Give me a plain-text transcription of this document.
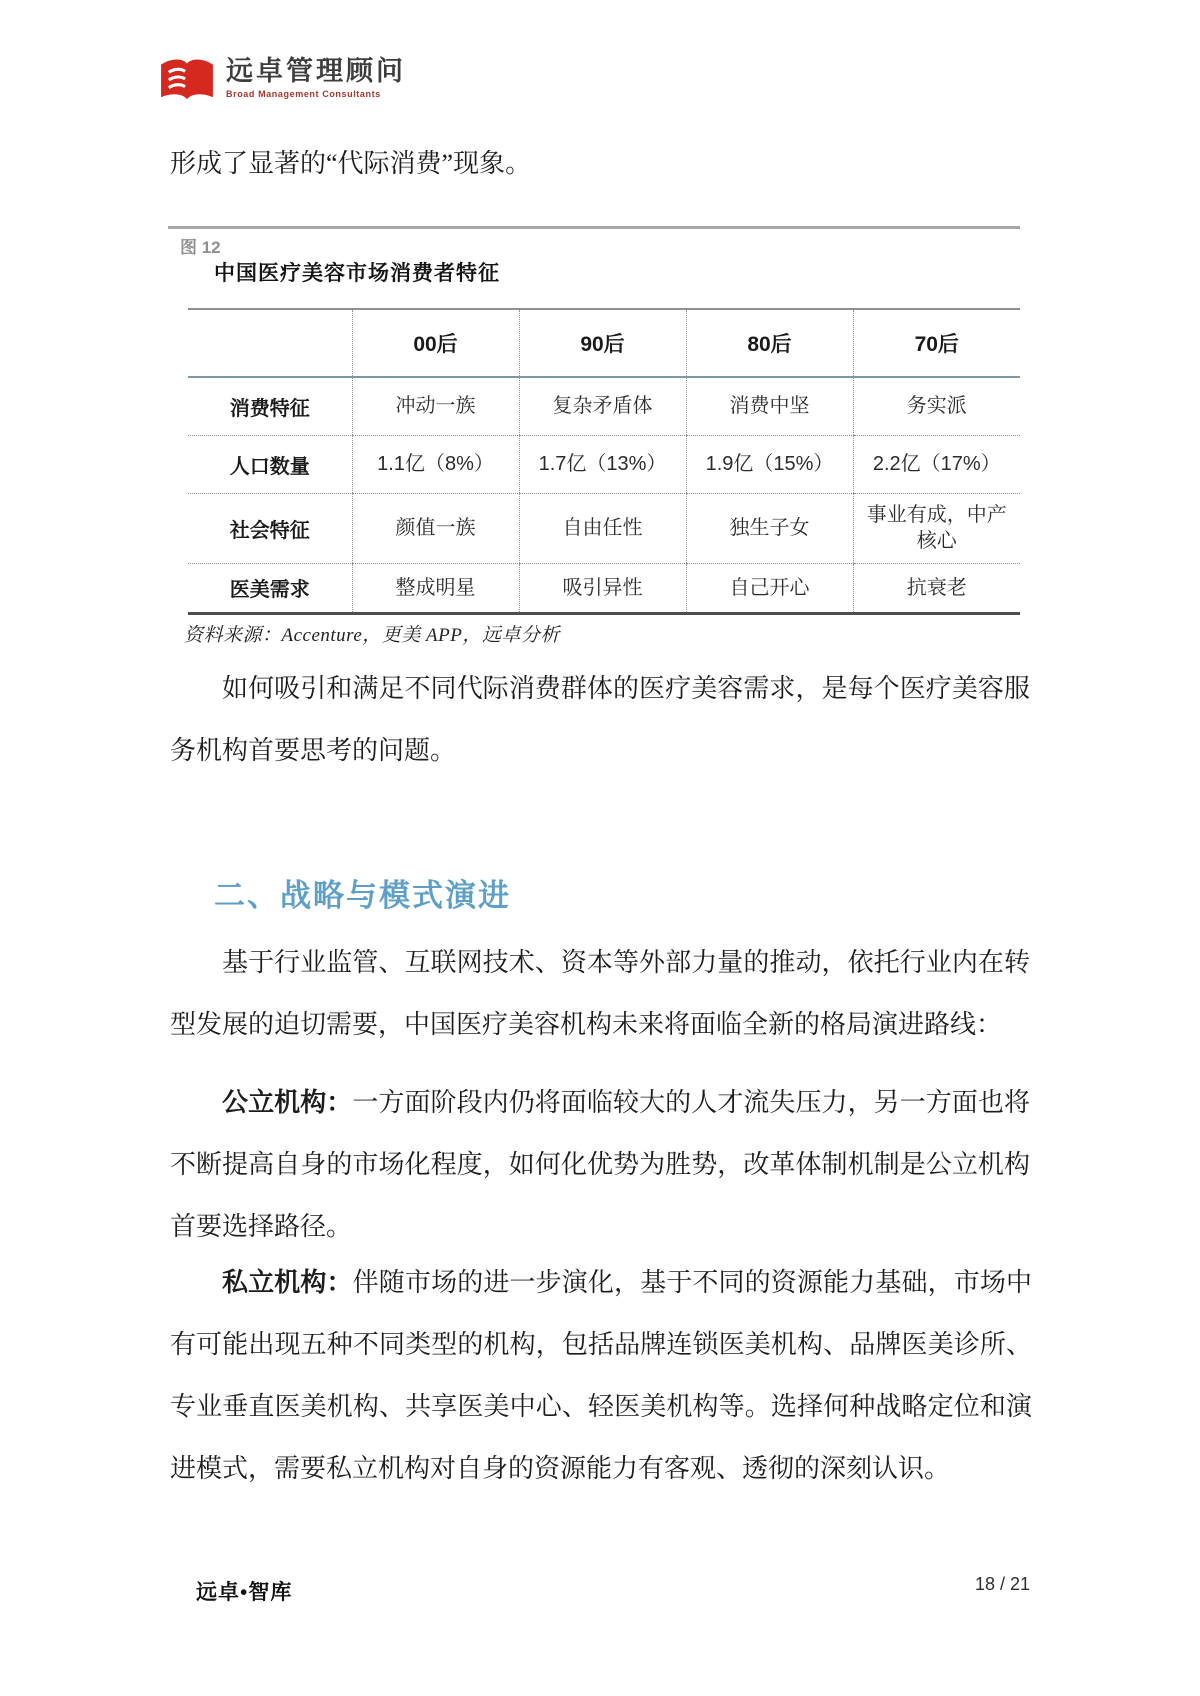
远卓管理顾问
Broad Management Consultants

形成了显著的“代际消费”现象。

图 12
中国医疗美容市场消费者特征
	00后	90后	80后	70后
消费特征	冲动一族	复杂矛盾体	消费中坚	务实派
人口数量	1.1亿（8%）	1.7亿（13%）	1.9亿（15%）	2.2亿（17%）
社会特征	颜值一族	自由任性	独生子女	事业有成，中产核心
医美需求	整成明星	吸引异性	自己开心	抗衰老
资料来源：Accenture，更美 APP，远卓分析

如何吸引和满足不同代际消费群体的医疗美容需求，是每个医疗美容服务机构首要思考的问题。

二、战略与模式演进

基于行业监管、互联网技术、资本等外部力量的推动，依托行业内在转型发展的迫切需要，中国医疗美容机构未来将面临全新的格局演进路线：

公立机构：一方面阶段内仍将面临较大的人才流失压力，另一方面也将不断提高自身的市场化程度，如何化优势为胜势，改革体制机制是公立机构首要选择路径。

私立机构：伴随市场的进一步演化，基于不同的资源能力基础，市场中有可能出现五种不同类型的机构，包括品牌连锁医美机构、品牌医美诊所、专业垂直医美机构、共享医美中心、轻医美机构等。选择何种战略定位和演进模式，需要私立机构对自身的资源能力有客观、透彻的深刻认识。

远卓•智库	18 / 21
